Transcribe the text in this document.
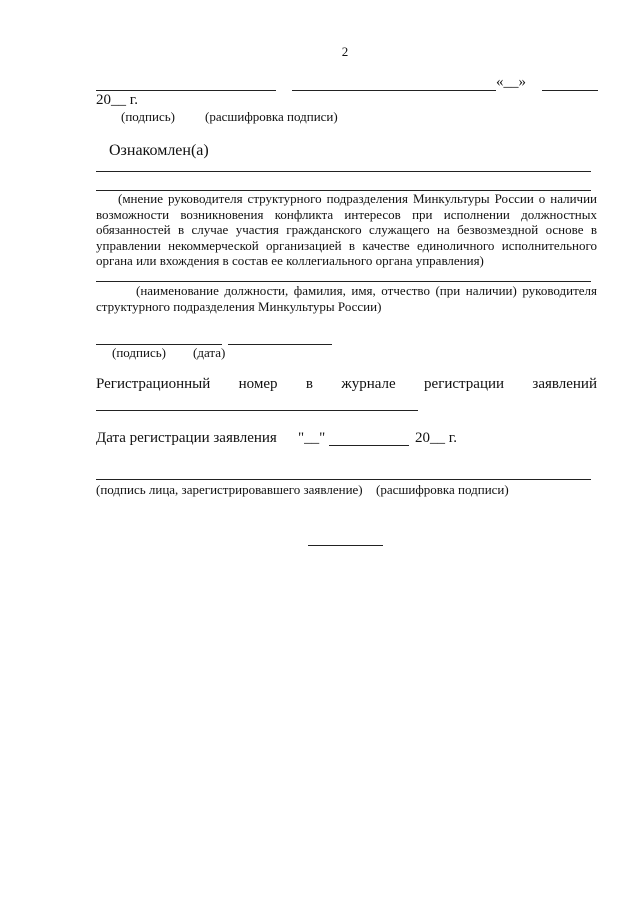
2
«__»
20__ г.
(подпись) (расшифровка подписи)
Ознакомлен(а)
(мнение руководителя структурного подразделения Минкультуры России о наличии возможности возникновения конфликта интересов при исполнении должностных обязанностей в случае участия гражданского служащего на безвозмездной основе в управлении некоммерческой организацией в качестве единоличного исполнительного органа или вхождения в состав ее коллегиального органа управления)
(наименование должности, фамилия, имя, отчество (при наличии) руководителя структурного подразделения Минкультуры России)
(подпись) (дата)
Регистрационный номер в журнале регистрации заявлений
Дата регистрации заявления "__"	20__ г.
(подпись лица, зарегистрировавшего заявление) (расшифровка подписи)
